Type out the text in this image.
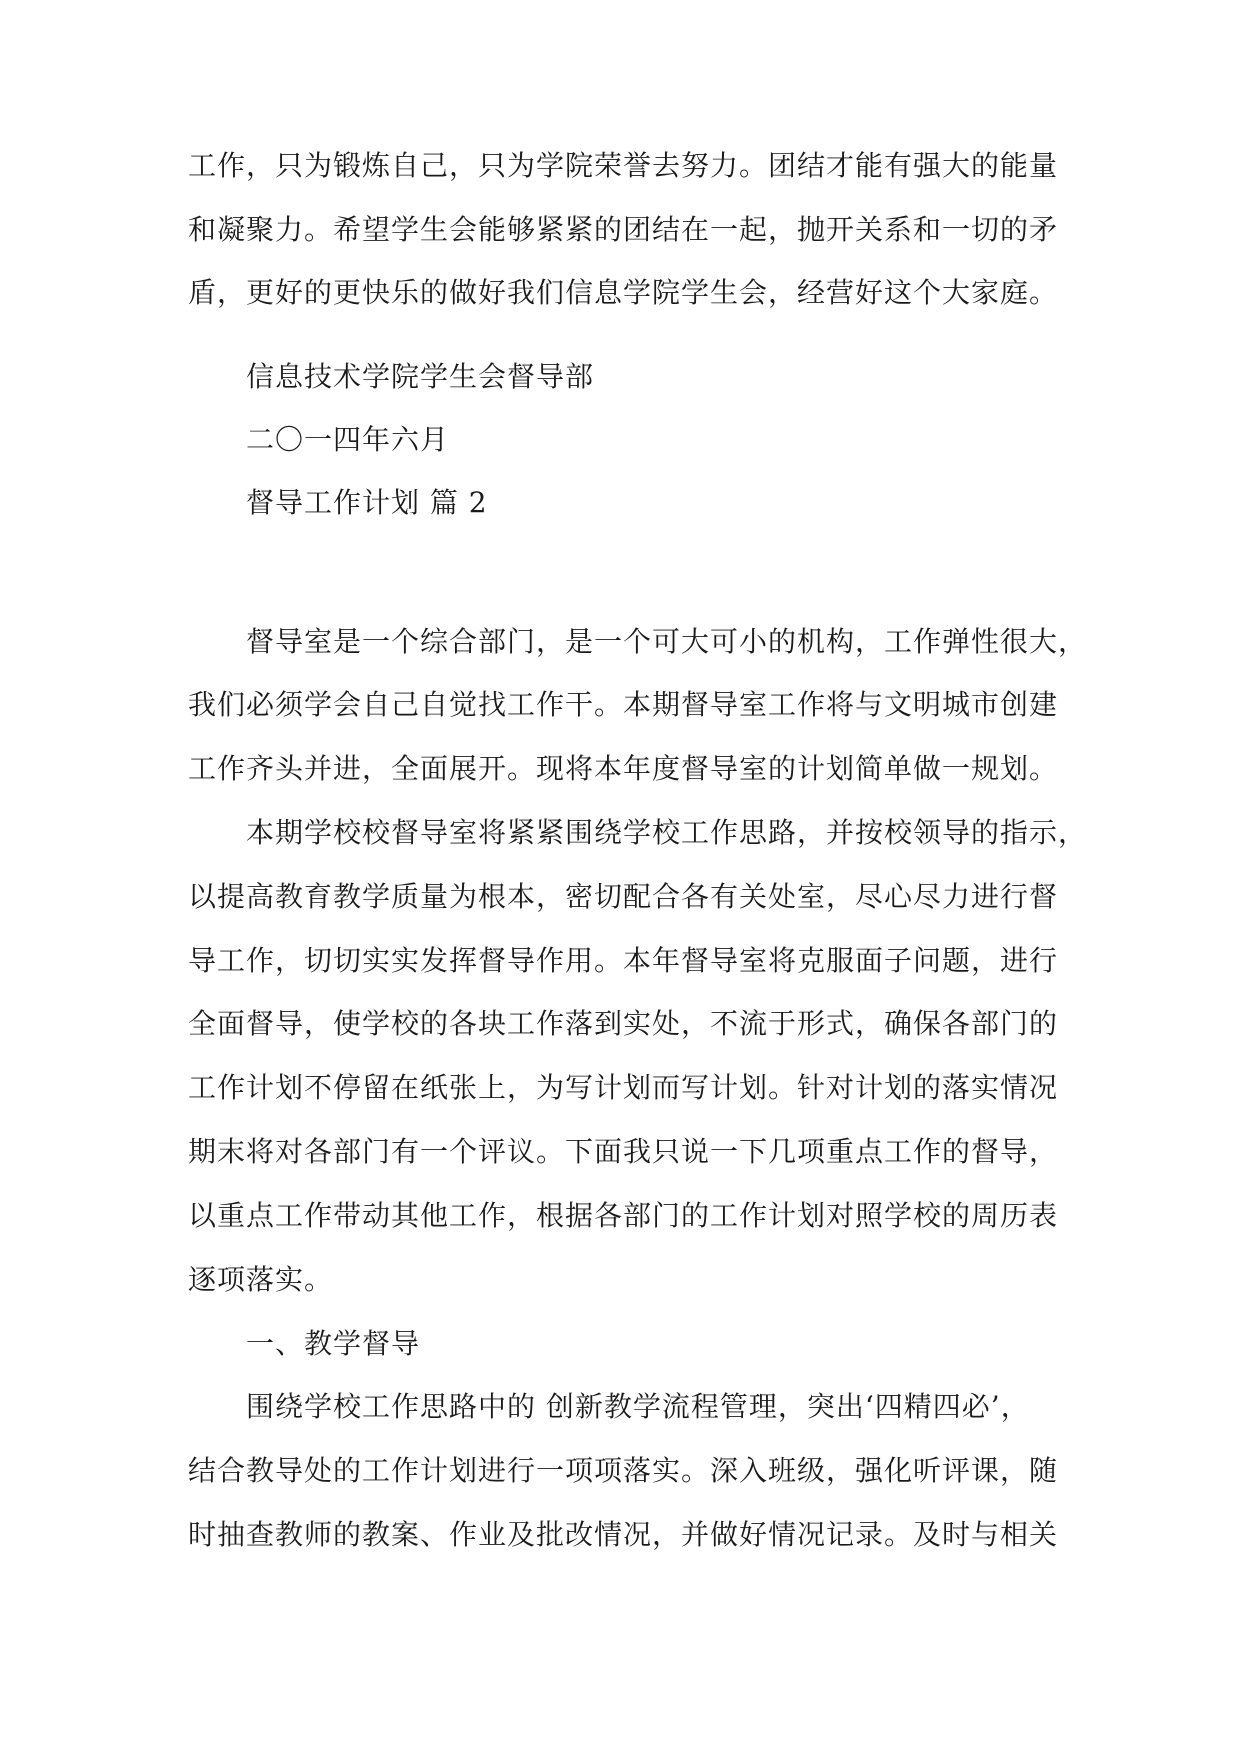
工作，只为锻炼自己，只为学院荣誉去努力。团结才能有强大的能量
和凝聚力。希望学生会能够紧紧的团结在一起，抛开关系和一切的矛
盾，更好的更快乐的做好我们信息学院学生会，经营好这个大家庭。
信息技术学院学生会督导部
二〇一四年六月
督导工作计划 篇 2
督导室是一个综合部门，是一个可大可小的机构，工作弹性很大，
我们必须学会自己自觉找工作干。本期督导室工作将与文明城市创建
工作齐头并进，全面展开。现将本年度督导室的计划简单做一规划。
本期学校校督导室将紧紧围绕学校工作思路，并按校领导的指示，
以提高教育教学质量为根本，密切配合各有关处室，尽心尽力进行督
导工作，切切实实发挥督导作用。本年督导室将克服面子问题，进行
全面督导，使学校的各块工作落到实处，不流于形式，确保各部门的
工作计划不停留在纸张上，为写计划而写计划。针对计划的落实情况
期末将对各部门有一个评议。下面我只说一下几项重点工作的督导，
以重点工作带动其他工作，根据各部门的工作计划对照学校的周历表
逐项落实。
一、教学督导
围绕学校工作思路中的 创新教学流程管理，突出‘四精四必’，
结合教导处的工作计划进行一项项落实。深入班级，强化听评课，随
时抽查教师的教案、作业及批改情况，并做好情况记录。及时与相关
